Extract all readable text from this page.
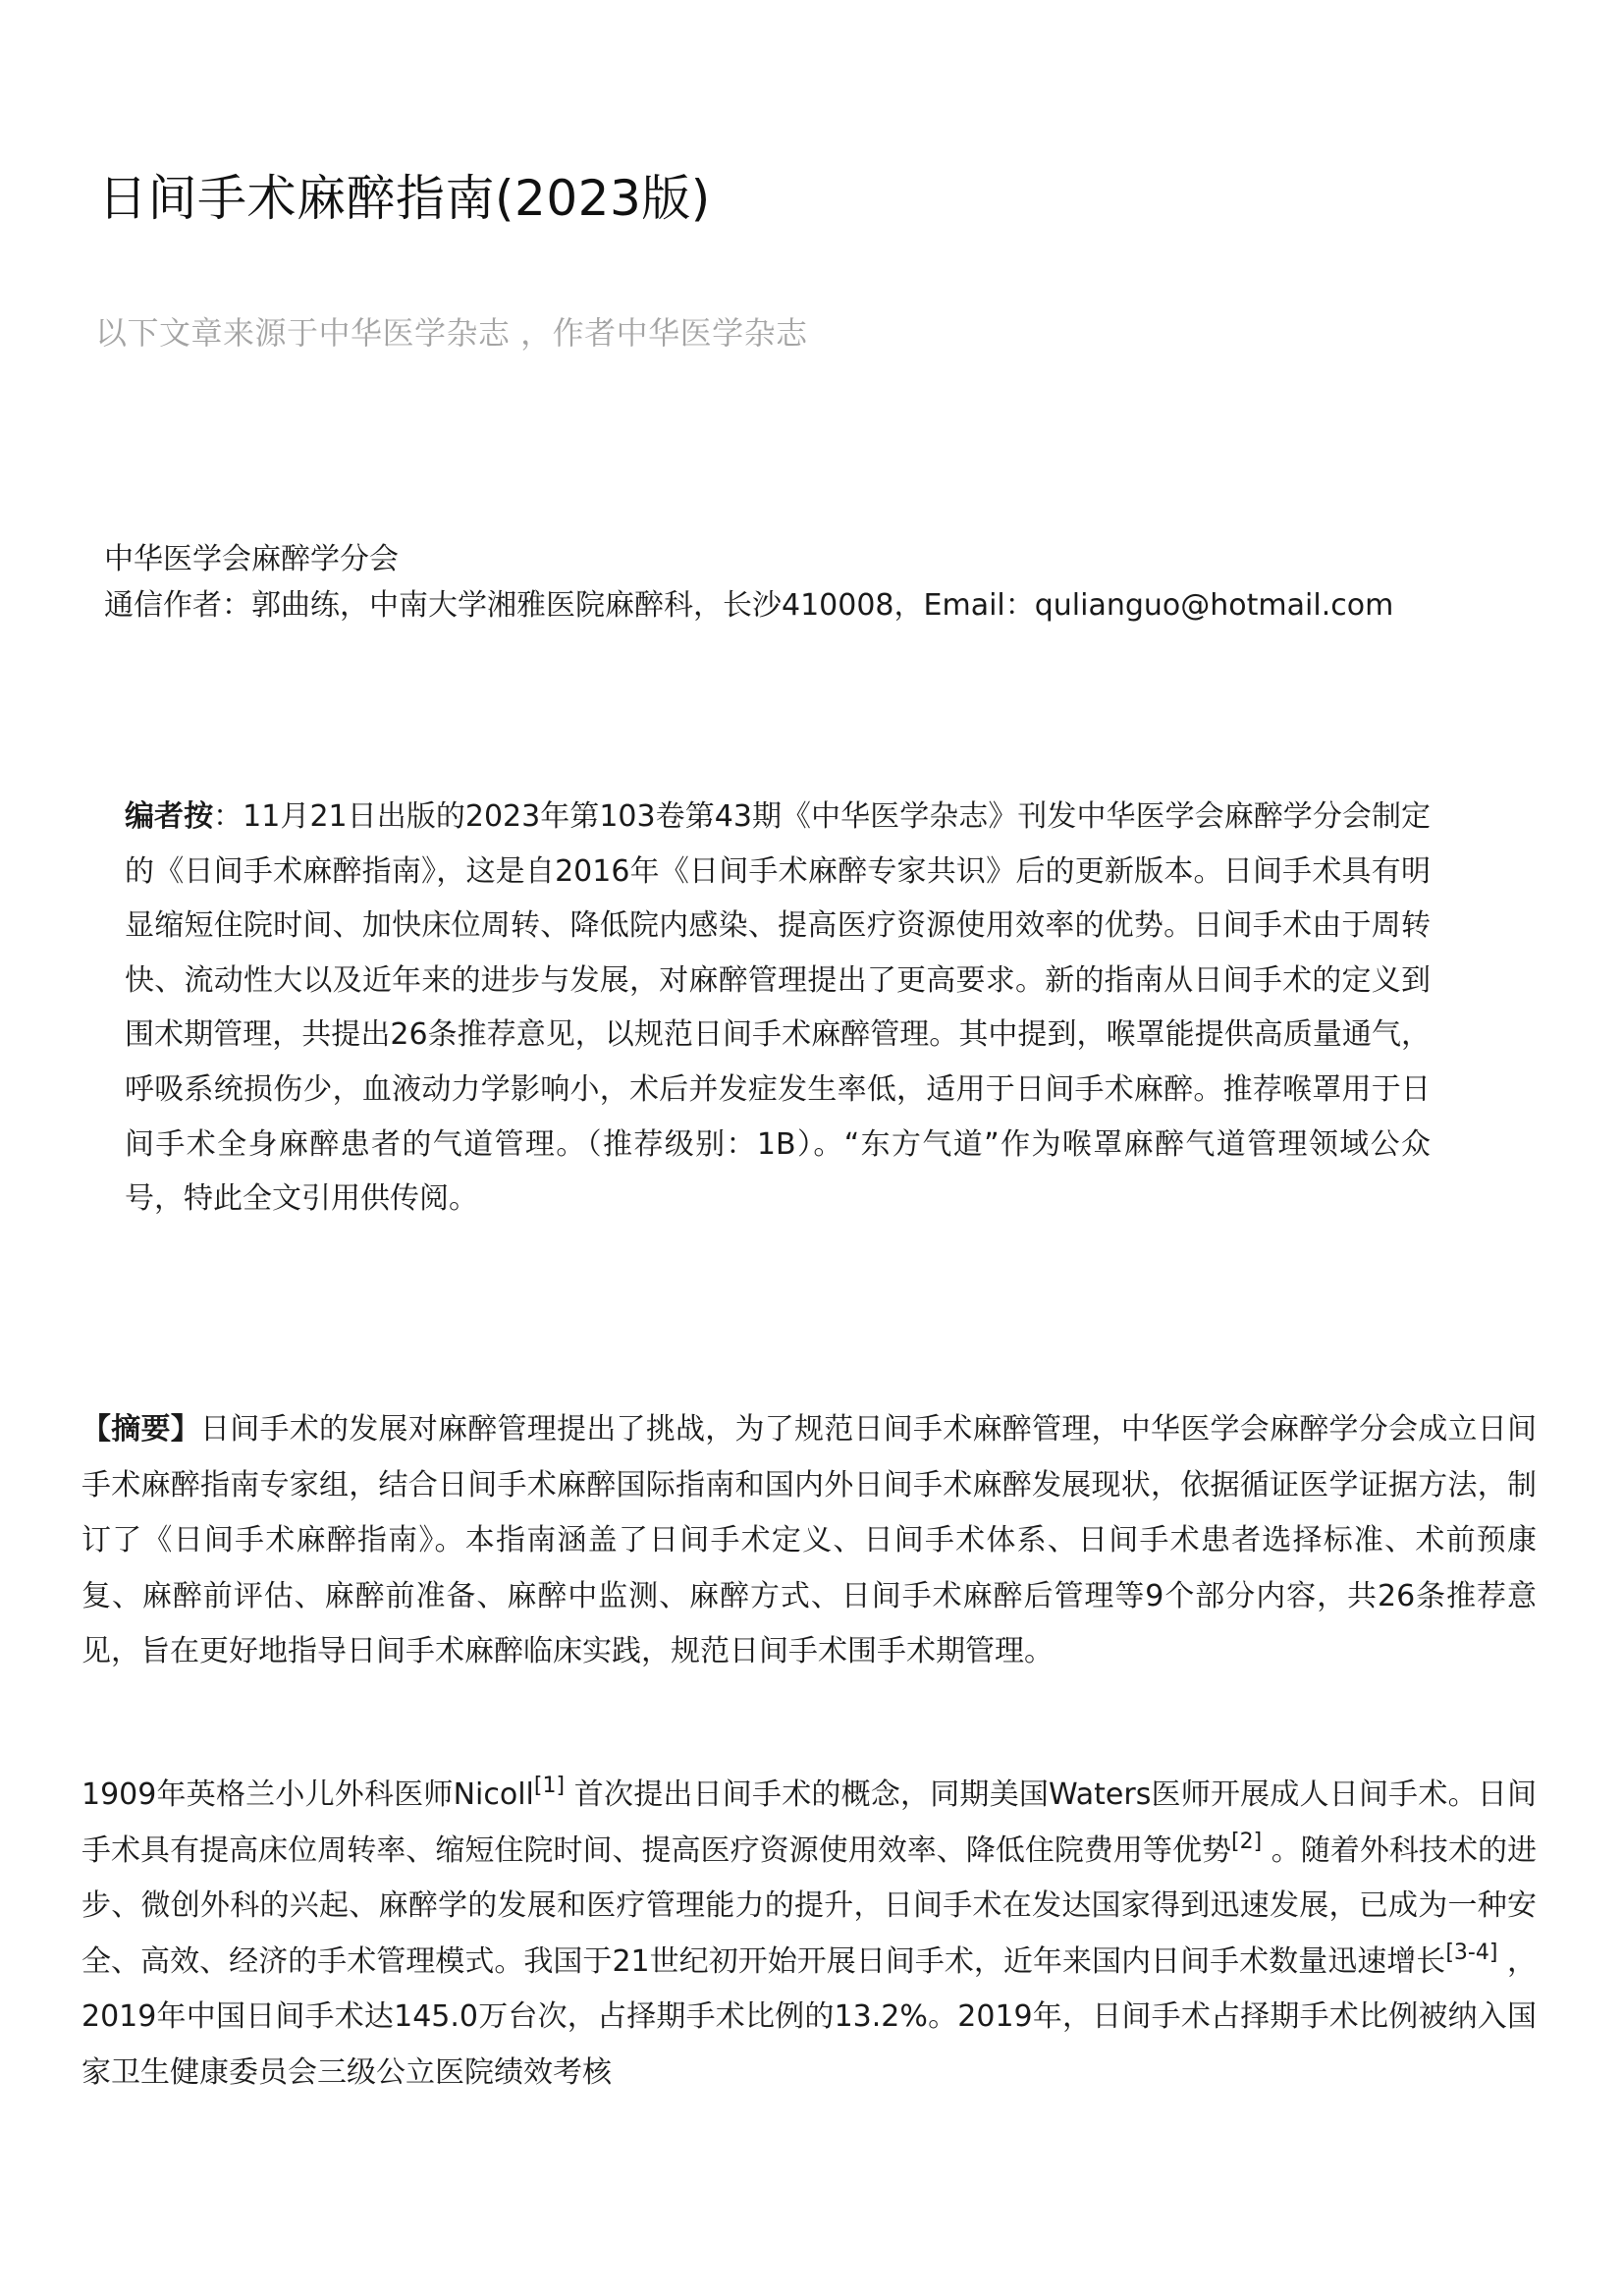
日间手术麻醉指南(2023版)

以下文章来源于中华医学杂志 ，作者中华医学杂志

中华医学会麻醉学分会

通信作者：郭曲练，中南大学湘雅医院麻醉科，长沙410008，Email：qulianguo@hotmail.com

编者按：11月21日出版的2023年第103卷第43期《中华医学杂志》刊发中华医学会麻醉学分会制定的《日间手术麻醉指南》，这是自2016年《日间手术麻醉专家共识》后的更新版本。日间手术具有明显缩短住院时间、加快床位周转、降低院内感染、提高医疗资源使用效率的优势。日间手术由于周转快、流动性大以及近年来的进步与发展，对麻醉管理提出了更高要求。新的指南从日间手术的定义到围术期管理，共提出26条推荐意见，以规范日间手术麻醉管理。其中提到，喉罩能提供高质量通气，呼吸系统损伤少，血液动力学影响小，术后并发症发生率低，适用于日间手术麻醉。推荐喉罩用于日间手术全身麻醉患者的气道管理。（推荐级别：1B）。“东方气道”作为喉罩麻醉气道管理领域公众号，特此全文引用供传阅。

【摘要】日间手术的发展对麻醉管理提出了挑战，为了规范日间手术麻醉管理，中华医学会麻醉学分会成立日间手术麻醉指南专家组，结合日间手术麻醉国际指南和国内外日间手术麻醉发展现状，依据循证医学证据方法，制订了《日间手术麻醉指南》。本指南涵盖了日间手术定义、日间手术体系、日间手术患者选择标准、术前预康复、麻醉前评估、麻醉前准备、麻醉中监测、麻醉方式、日间手术麻醉后管理等9个部分内容，共26条推荐意见，旨在更好地指导日间手术麻醉临床实践，规范日间手术围手术期管理。

1909年英格兰小儿外科医师Nicoll[1] 首次提出日间手术的概念，同期美国Waters医师开展成人日间手术。日间手术具有提高床位周转率、缩短住院时间、提高医疗资源使用效率、降低住院费用等优势[2] 。随着外科技术的进步、微创外科的兴起、麻醉学的发展和医疗管理能力的提升，日间手术在发达国家得到迅速发展，已成为一种安全、高效、经济的手术管理模式。我国于21世纪初开始开展日间手术，近年来国内日间手术数量迅速增长[3-4] ，2019年中国日间手术达145.0万台次，占择期手术比例的13.2%。2019年，日间手术占择期手术比例被纳入国家卫生健康委员会三级公立医院绩效考核
